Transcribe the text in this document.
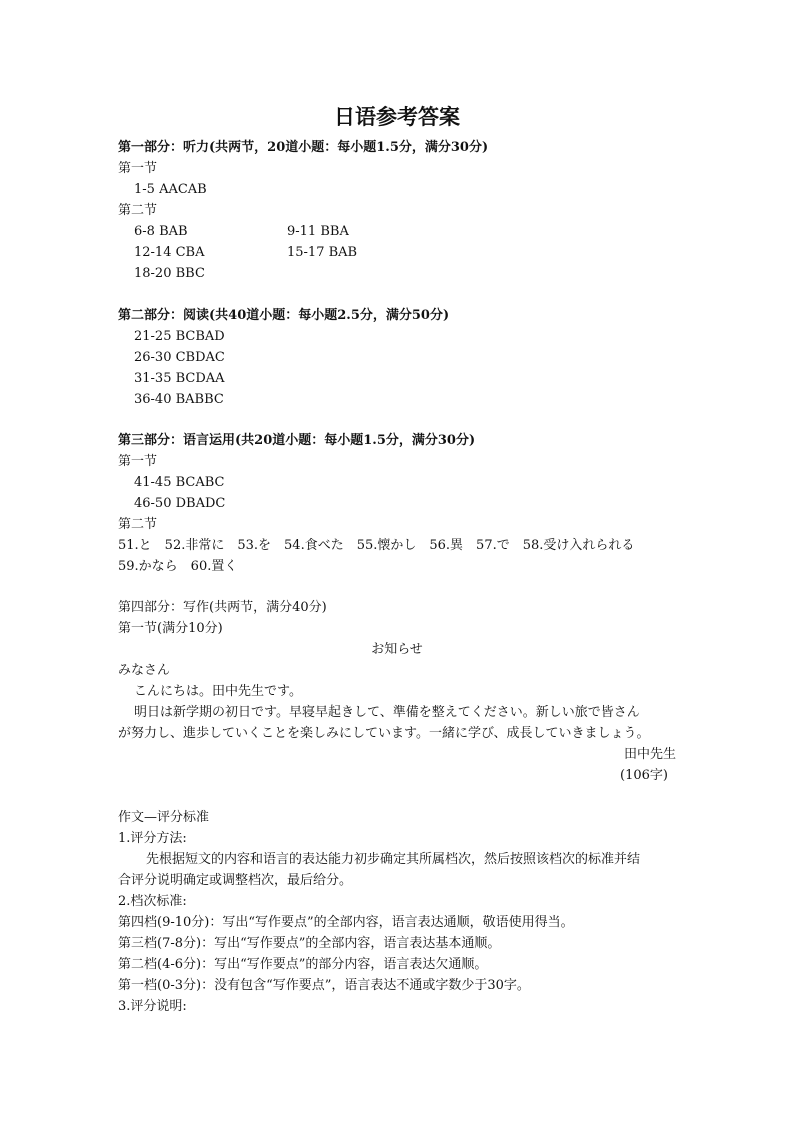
日语参考答案
第一部分：听力(共两节，20道小题：每小题1.5分，满分30分)
第一节
1-5 AACAB
第二节
6-8 BAB	9-11 BBA
12-14 CBA	15-17 BAB
18-20 BBC
第二部分：阅读(共40道小题：每小题2.5分，满分50分)
21-25 BCBAD
26-30 CBDAC
31-35 BCDAA
36-40 BABBC
第三部分：语言运用(共20道小题：每小题1.5分，满分30分)
第一节
41-45 BCABC
46-50 DBADC
第二节
51.と　52.非常に　53.を　54.食べた　55.懐かし　56.異　57.で　58.受け入れられる
59.かなら　60.置く
第四部分：写作(共两节，满分40分)
第一节(满分10分)
お知らせ
みなさん
こんにちは。田中先生です。
明日は新学期の初日です。早寝早起きして、準備を整えてください。新しい旅で皆さん
が努力し、進歩していくことを楽しみにしています。一緒に学び、成長していきましょう。
田中先生
(106字)
作文—评分标准
1.评分方法:
先根据短文的内容和语言的表达能力初步确定其所属档次，然后按照该档次的标准并结
合评分说明确定或调整档次，最后给分。
2.档次标准:
第四档(9-10分)：写出“写作要点”的全部内容，语言表达通顺，敬语使用得当。
第三档(7-8分)：写出“写作要点”的全部内容，语言表达基本通顺。
第二档(4-6分)：写出“写作要点”的部分内容，语言表达欠通顺。
第一档(0-3分)：没有包含“写作要点”，语言表达不通或字数少于30字。
3.评分说明:
